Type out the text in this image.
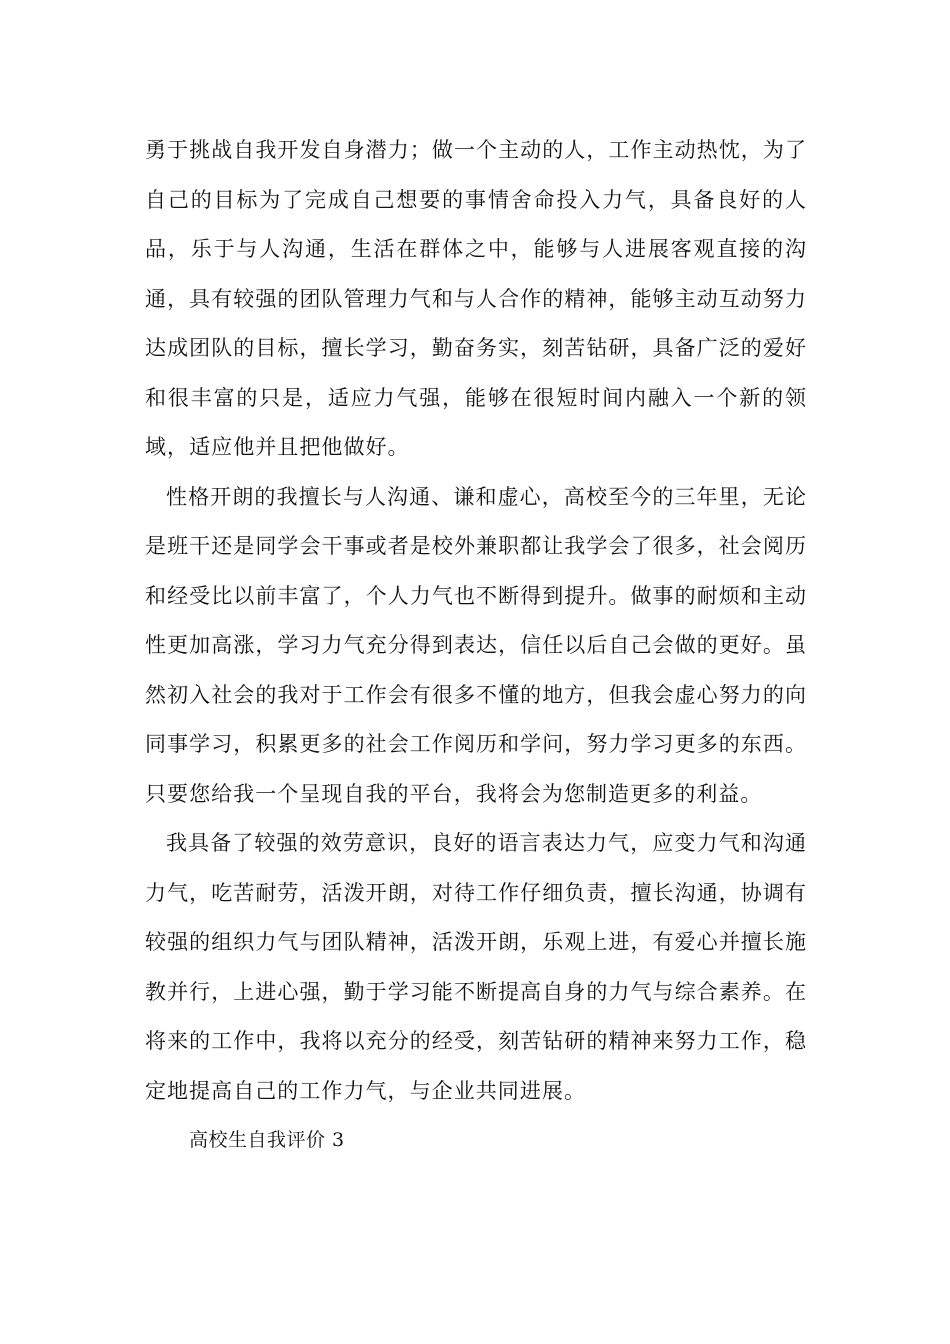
勇于挑战自我开发自身潜力；做一个主动的人，工作主动热忱，为了自己的目标为了完成自己想要的事情舍命投入力气，具备良好的人品，乐于与人沟通，生活在群体之中，能够与人进展客观直接的沟通，具有较强的团队管理力气和与人合作的精神，能够主动互动努力达成团队的目标，擅长学习，勤奋务实，刻苦钻研，具备广泛的爱好和很丰富的只是，适应力气强，能够在很短时间内融入一个新的领域，适应他并且把他做好。

性格开朗的我擅长与人沟通、谦和虚心，高校至今的三年里，无论是班干还是同学会干事或者是校外兼职都让我学会了很多，社会阅历和经受比以前丰富了，个人力气也不断得到提升。做事的耐烦和主动性更加高涨，学习力气充分得到表达，信任以后自己会做的更好。虽然初入社会的我对于工作会有很多不懂的地方，但我会虚心努力的向同事学习，积累更多的社会工作阅历和学问，努力学习更多的东西。只要您给我一个呈现自我的平台，我将会为您制造更多的利益。

我具备了较强的效劳意识，良好的语言表达力气，应变力气和沟通力气，吃苦耐劳，活泼开朗，对待工作仔细负责，擅长沟通，协调有较强的组织力气与团队精神，活泼开朗，乐观上进，有爱心并擅长施教并行，上进心强，勤于学习能不断提高自身的力气与综合素养。在将来的工作中，我将以充分的经受，刻苦钻研的精神来努力工作，稳定地提高自己的工作力气，与企业共同进展。

高校生自我评价 3
